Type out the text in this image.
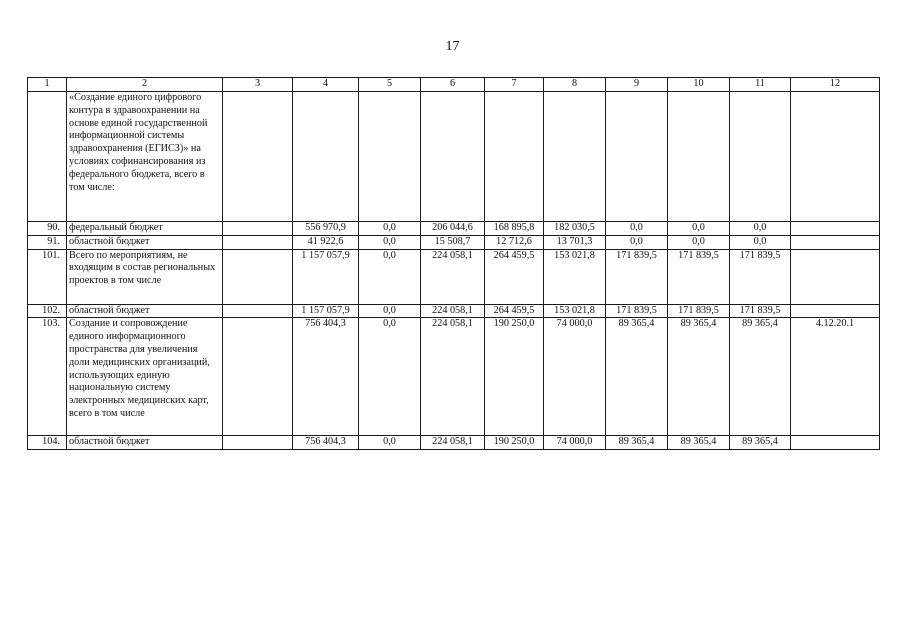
17
1	2	3	4	5	6	7	8	9	10	11	12
	«Создание единого цифрового контура в здравоохранении на основе единой государственной информационной системы здравоохранения (ЕГИСЗ)» на условиях софинансирования из федерального бюджета, всего в том числе:										
90.	федеральный бюджет		556 970,9	0,0	206 044,6	168 895,8	182 030,5	0,0	0,0	0,0	
91.	областной бюджет		41 922,6	0,0	15 508,7	12 712,6	13 701,3	0,0	0,0	0,0	
101.	Всего по мероприятиям, не входящим в состав региональных проектов в том числе		1 157 057,9	0,0	224 058,1	264 459,5	153 021,8	171 839,5	171 839,5	171 839,5	
102.	областной бюджет		1 157 057,9	0,0	224 058,1	264 459,5	153 021,8	171 839,5	171 839,5	171 839,5	
103.	Создание и сопровождение единого информационного пространства для увеличения доли медицинских организаций, использующих единую национальную систему электронных медицинских карт, всего в том числе		756 404,3	0,0	224 058,1	190 250,0	74 000,0	89 365,4	89 365,4	89 365,4	4.12.20.1
104.	областной бюджет		756 404,3	0,0	224 058,1	190 250,0	74 000,0	89 365,4	89 365,4	89 365,4	
